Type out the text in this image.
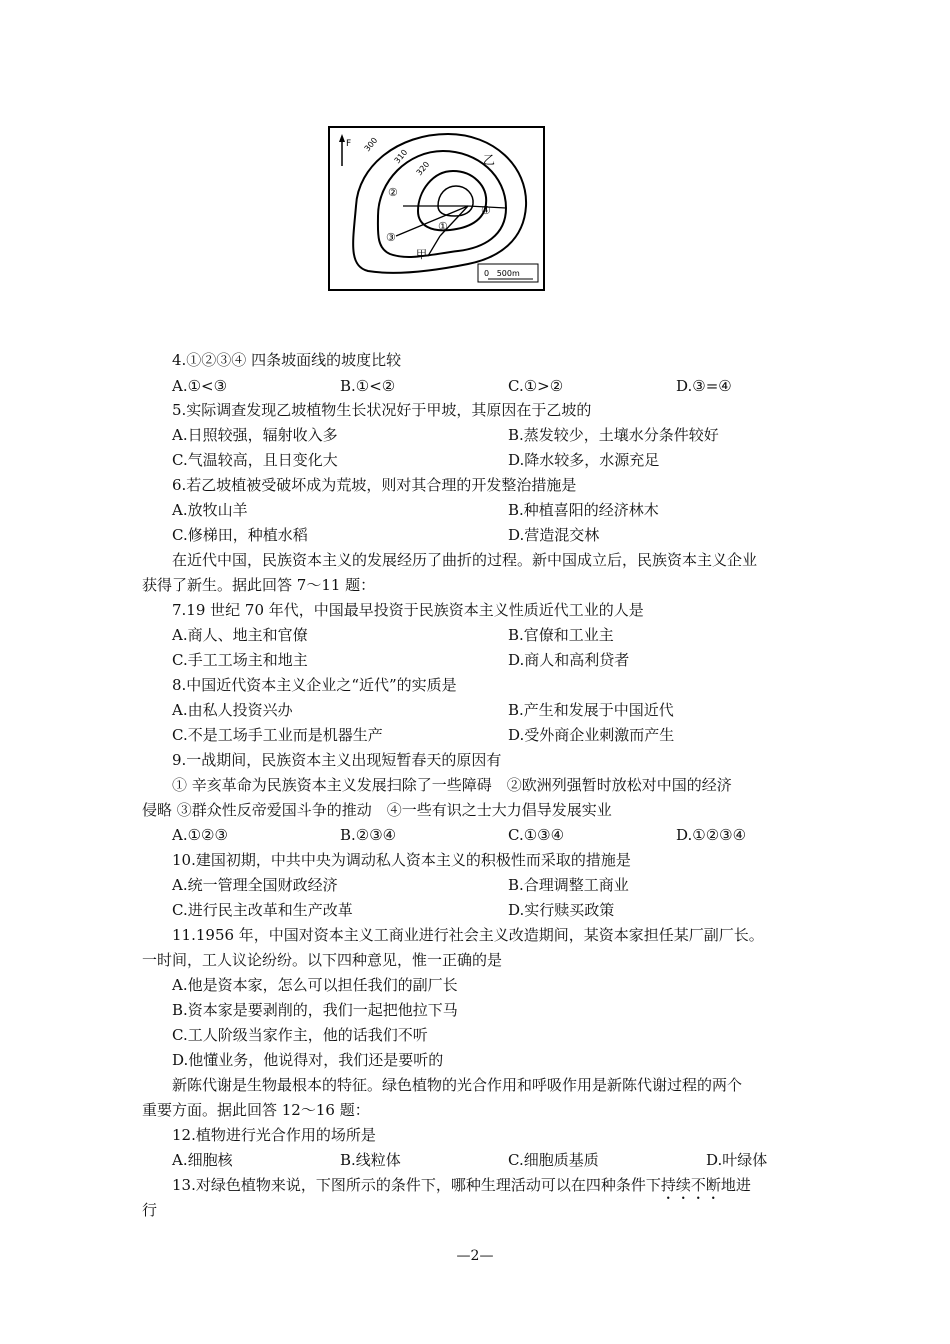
F 300
310
320	乙
甲
②
①
③
④
0   500m
4.①②③④ 四条坡面线的坡度比较
A.①<③	B.①<②	C.①>②	D.③=④
5.实际调查发现乙坡植物生长状况好于甲坡，其原因在于乙坡的
A.日照较强，辐射收入多	B.蒸发较少，土壤水分条件较好
C.气温较高，且日变化大	D.降水较多，水源充足
6.若乙坡植被受破坏成为荒坡，则对其合理的开发整治措施是
A.放牧山羊	B.种植喜阳的经济林木
C.修梯田，种植水稻	D.营造混交林
在近代中国，民族资本主义的发展经历了曲折的过程。新中国成立后，民族资本主义企业
获得了新生。据此回答 7～11 题：
7.19 世纪 70 年代，中国最早投资于民族资本主义性质近代工业的人是
A.商人、地主和官僚	B.官僚和工业主
C.手工工场主和地主	D.商人和高利贷者
8.中国近代资本主义企业之“近代”的实质是
A.由私人投资兴办	B.产生和发展于中国近代
C.不是工场手工业而是机器生产	D.受外商企业刺激而产生
9.一战期间，民族资本主义出现短暂春天的原因有
① 辛亥革命为民族资本主义发展扫除了一些障碍　②欧洲列强暂时放松对中国的经济
侵略 ③群众性反帝爱国斗争的推动　④一些有识之士大力倡导发展实业
A.①②③	B.②③④	C.①③④	D.①②③④
10.建国初期，中共中央为调动私人资本主义的积极性而采取的措施是
A.统一管理全国财政经济	B.合理调整工商业
C.进行民主改革和生产改革	D.实行赎买政策
11.1956 年，中国对资本主义工商业进行社会主义改造期间，某资本家担任某厂副厂长。
一时间，工人议论纷纷。以下四种意见，惟一正确的是
A.他是资本家，怎么可以担任我们的副厂长
B.资本家是要剥削的，我们一起把他拉下马
C.工人阶级当家作主，他的话我们不听
D.他懂业务，他说得对，我们还是要听的
新陈代谢是生物最根本的特征。绿色植物的光合作用和呼吸作用是新陈代谢过程的两个
重要方面。据此回答 12～16 题：
12.植物进行光合作用的场所是
A.细胞核	B.线粒体	C.细胞质基质	D.叶绿体
13.对绿色植物来说，下图所示的条件下，哪种生理活动可以在四种条件下持续不断地进
行
—2—
